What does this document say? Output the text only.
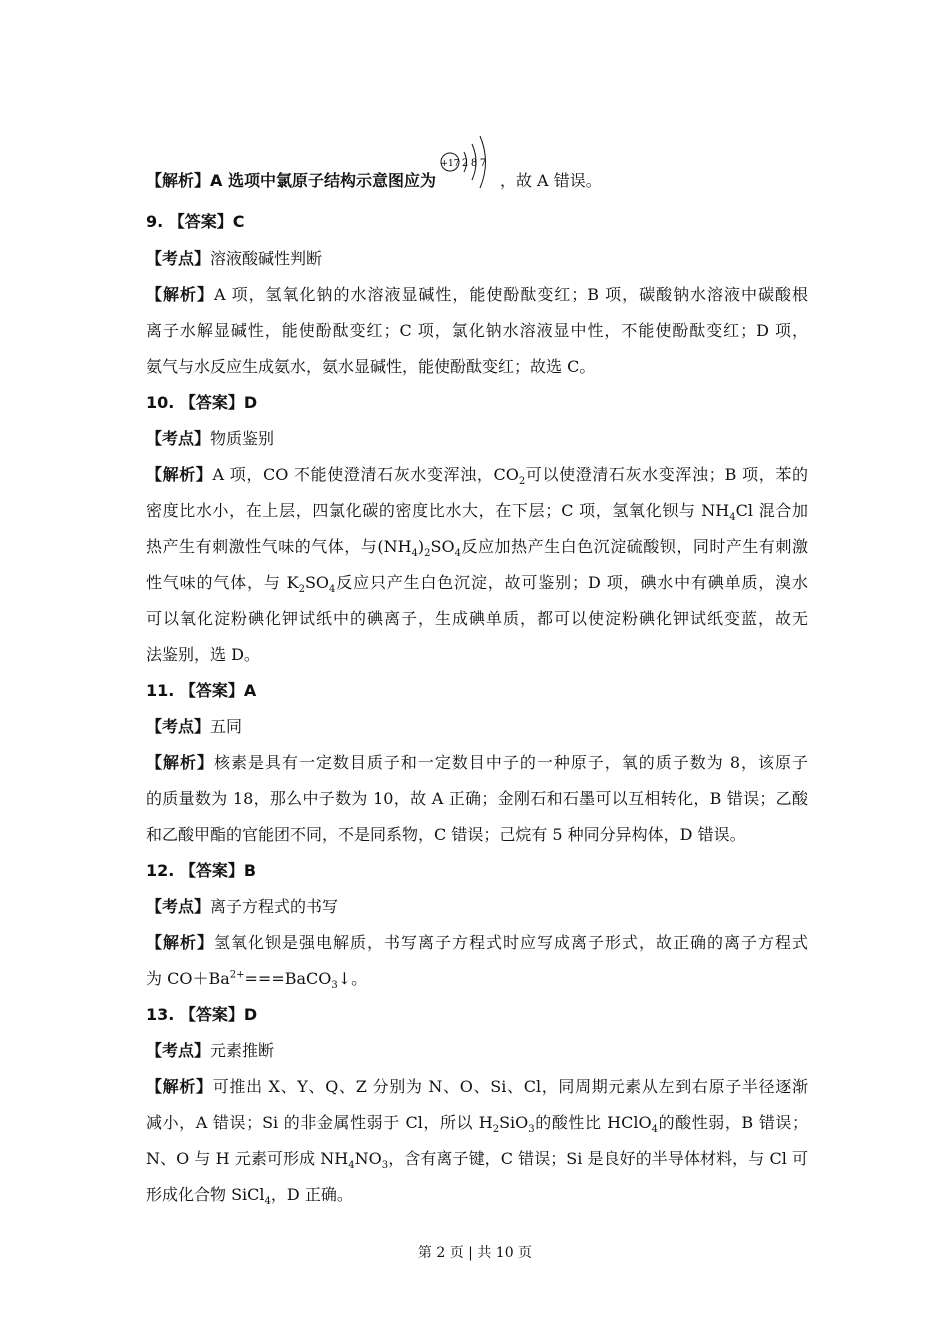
【解析】A 选项中氯原子结构示意图应为
+17 2 8 7
，故 A 错误。
9. 【答案】C
【考点】溶液酸碱性判断
【解析】A 项，氢氧化钠的水溶液显碱性，能使酚酞变红；B 项，碳酸钠水溶液中碳酸根
离子水解显碱性，能使酚酞变红；C 项，氯化钠水溶液显中性，不能使酚酞变红；D 项，
氨气与水反应生成氨水，氨水显碱性，能使酚酞变红；故选 C。
10. 【答案】D
【考点】物质鉴别
【解析】A 项，CO 不能使澄清石灰水变浑浊，$CO_2$可以使澄清石灰水变浑浊；B 项，苯的
密度比水小，在上层，四氯化碳的密度比水大，在下层；C 项，氢氧化钡与 $NH_4Cl$ 混合加
热产生有刺激性气味的气体，与$(NH_4)_2SO_4$反应加热产生白色沉淀硫酸钡，同时产生有刺激
性气味的气体，与 $K_2SO_4$反应只产生白色沉淀，故可鉴别；D 项，碘水中有碘单质，溴水
可以氧化淀粉碘化钾试纸中的碘离子，生成碘单质，都可以使淀粉碘化钾试纸变蓝，故无
法鉴别，选 D。
11. 【答案】A
【考点】五同
【解析】核素是具有一定数目质子和一定数目中子的一种原子，氧的质子数为 8，该原子
的质量数为 18，那么中子数为 10，故 A 正确；金刚石和石墨可以互相转化，B 错误；乙酸
和乙酸甲酯的官能团不同，不是同系物，C 错误；己烷有 5 种同分异构体，D 错误。
12. 【答案】B
【考点】离子方程式的书写
【解析】氢氧化钡是强电解质，书写离子方程式时应写成离子形式，故正确的离子方程式
为 $CO+Ba^{2+}===BaCO_3↓$。
13. 【答案】D
【考点】元素推断
【解析】可推出 X、Y、Q、Z 分别为 N、O、Si、Cl，同周期元素从左到右原子半径逐渐
减小，A 错误；Si 的非金属性弱于 Cl，所以 $H_2SiO_3$的酸性比 HClO$_4$的酸性弱，B 错误；
N、O 与 H 元素可形成 $NH_4NO_3$，含有离子键，C 错误；Si 是良好的半导体材料，与 Cl 可
形成化合物 SiCl$_4$，D 正确。
第 2 页 | 共 10 页
